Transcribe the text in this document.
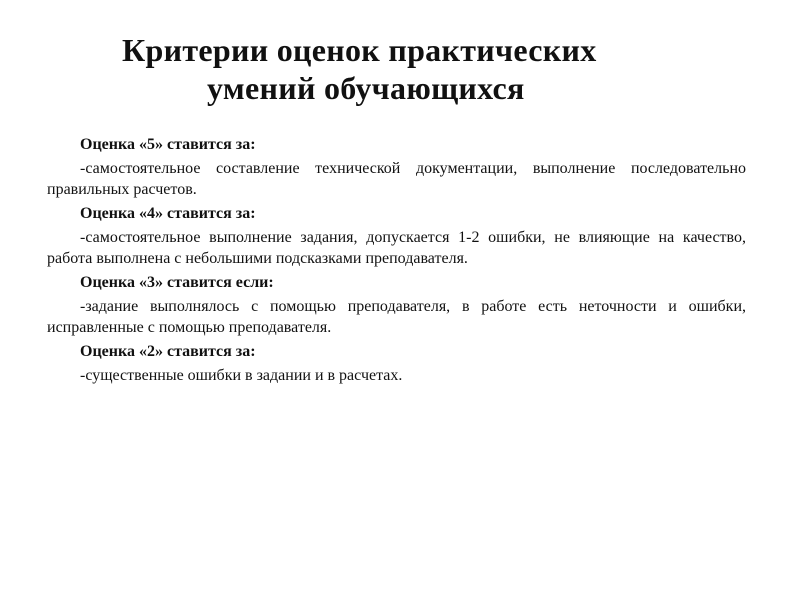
Критерии оценок практических
умений обучающихся
Оценка «5» ставится за:
-самостоятельное составление технической документации, выполнение последовательно правильных расчетов.
Оценка «4» ставится за:
-самостоятельное выполнение задания, допускается 1-2 ошибки, не влияющие на качество, работа выполнена с небольшими подсказками преподавателя.
Оценка «3» ставится если:
-задание выполнялось с помощью преподавателя, в работе есть неточности и ошибки, исправленные с помощью преподавателя.
Оценка «2» ставится за:
-существенные ошибки в задании и в расчетах.
